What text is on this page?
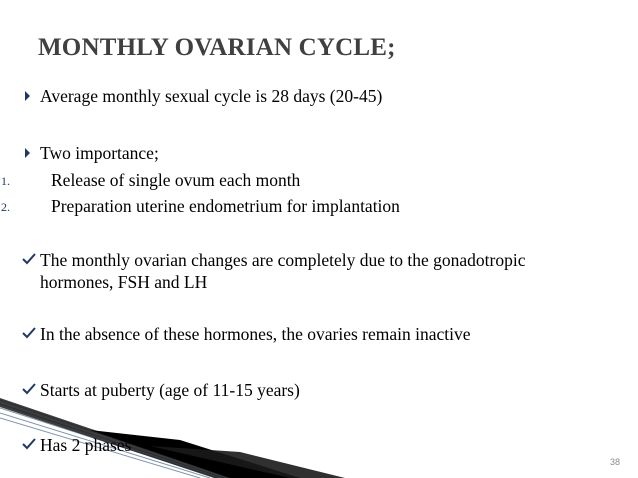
MONTHLY OVARIAN CYCLE;
Average monthly sexual cycle is 28 days (20-45)
Two importance;
1. Release of single ovum each month
2. Preparation uterine endometrium for implantation
The monthly ovarian changes are completely due to the gonadotropic
hormones, FSH and LH
In the absence of these hormones, the ovaries remain inactive
Starts at puberty (age of 11-15 years)
Has 2 phases
38
